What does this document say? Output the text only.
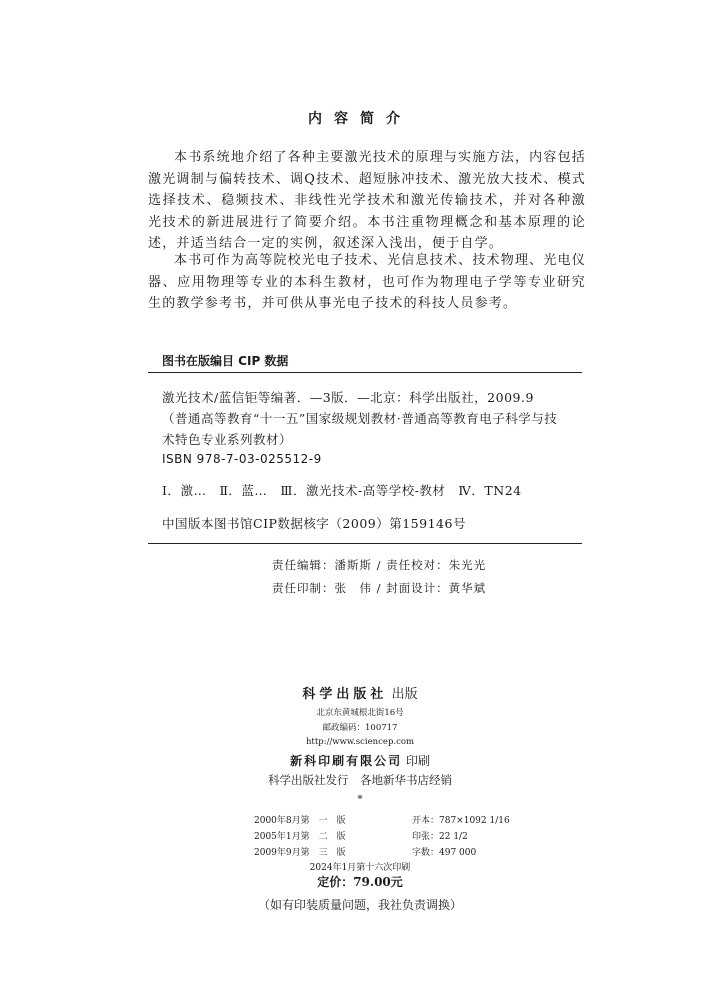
内容简介
本书系统地介绍了各种主要激光技术的原理与实施方法，内容包括激光调制与偏转技术、调Q技术、超短脉冲技术、激光放大技术、模式选择技术、稳频技术、非线性光学技术和激光传输技术，并对各种激光技术的新进展进行了简要介绍。本书注重物理概念和基本原理的论述，并适当结合一定的实例，叙述深入浅出，便于自学。
本书可作为高等院校光电子技术、光信息技术、技术物理、光电仪器、应用物理等专业的本科生教材，也可作为物理电子学等专业研究生的教学参考书，并可供从事光电子技术的科技人员参考。
图书在版编目 CIP 数据
激光技术/蓝信钜等编著．—3版．—北京：科学出版社，2009.9
（普通高等教育“十一五”国家级规划教材·普通高等教育电子科学与技
术特色专业系列教材）
ISBN 978-7-03-025512-9
Ⅰ．激…　Ⅱ．蓝…　Ⅲ．激光技术-高等学校-教材　Ⅳ．TN24
中国版本图书馆CIP数据核字（2009）第159146号
责任编辑：潘斯斯 / 责任校对：朱光光
责任印制：张　伟 / 封面设计：黄华斌
科学出版社 出版
北京东黄城根北街16号
邮政编码：100717
http://www.sciencep.com
新科印刷有限公司 印刷
科学出版社发行　各地新华书店经销
*
2000年8月第　一　版	开本：787×1092 1/16
2005年1月第　二　版	印张：22 1/2
2009年9月第　三　版	字数：497 000
2024年1月第十六次印刷
定价：79.00元
（如有印装质量问题，我社负责调换）
